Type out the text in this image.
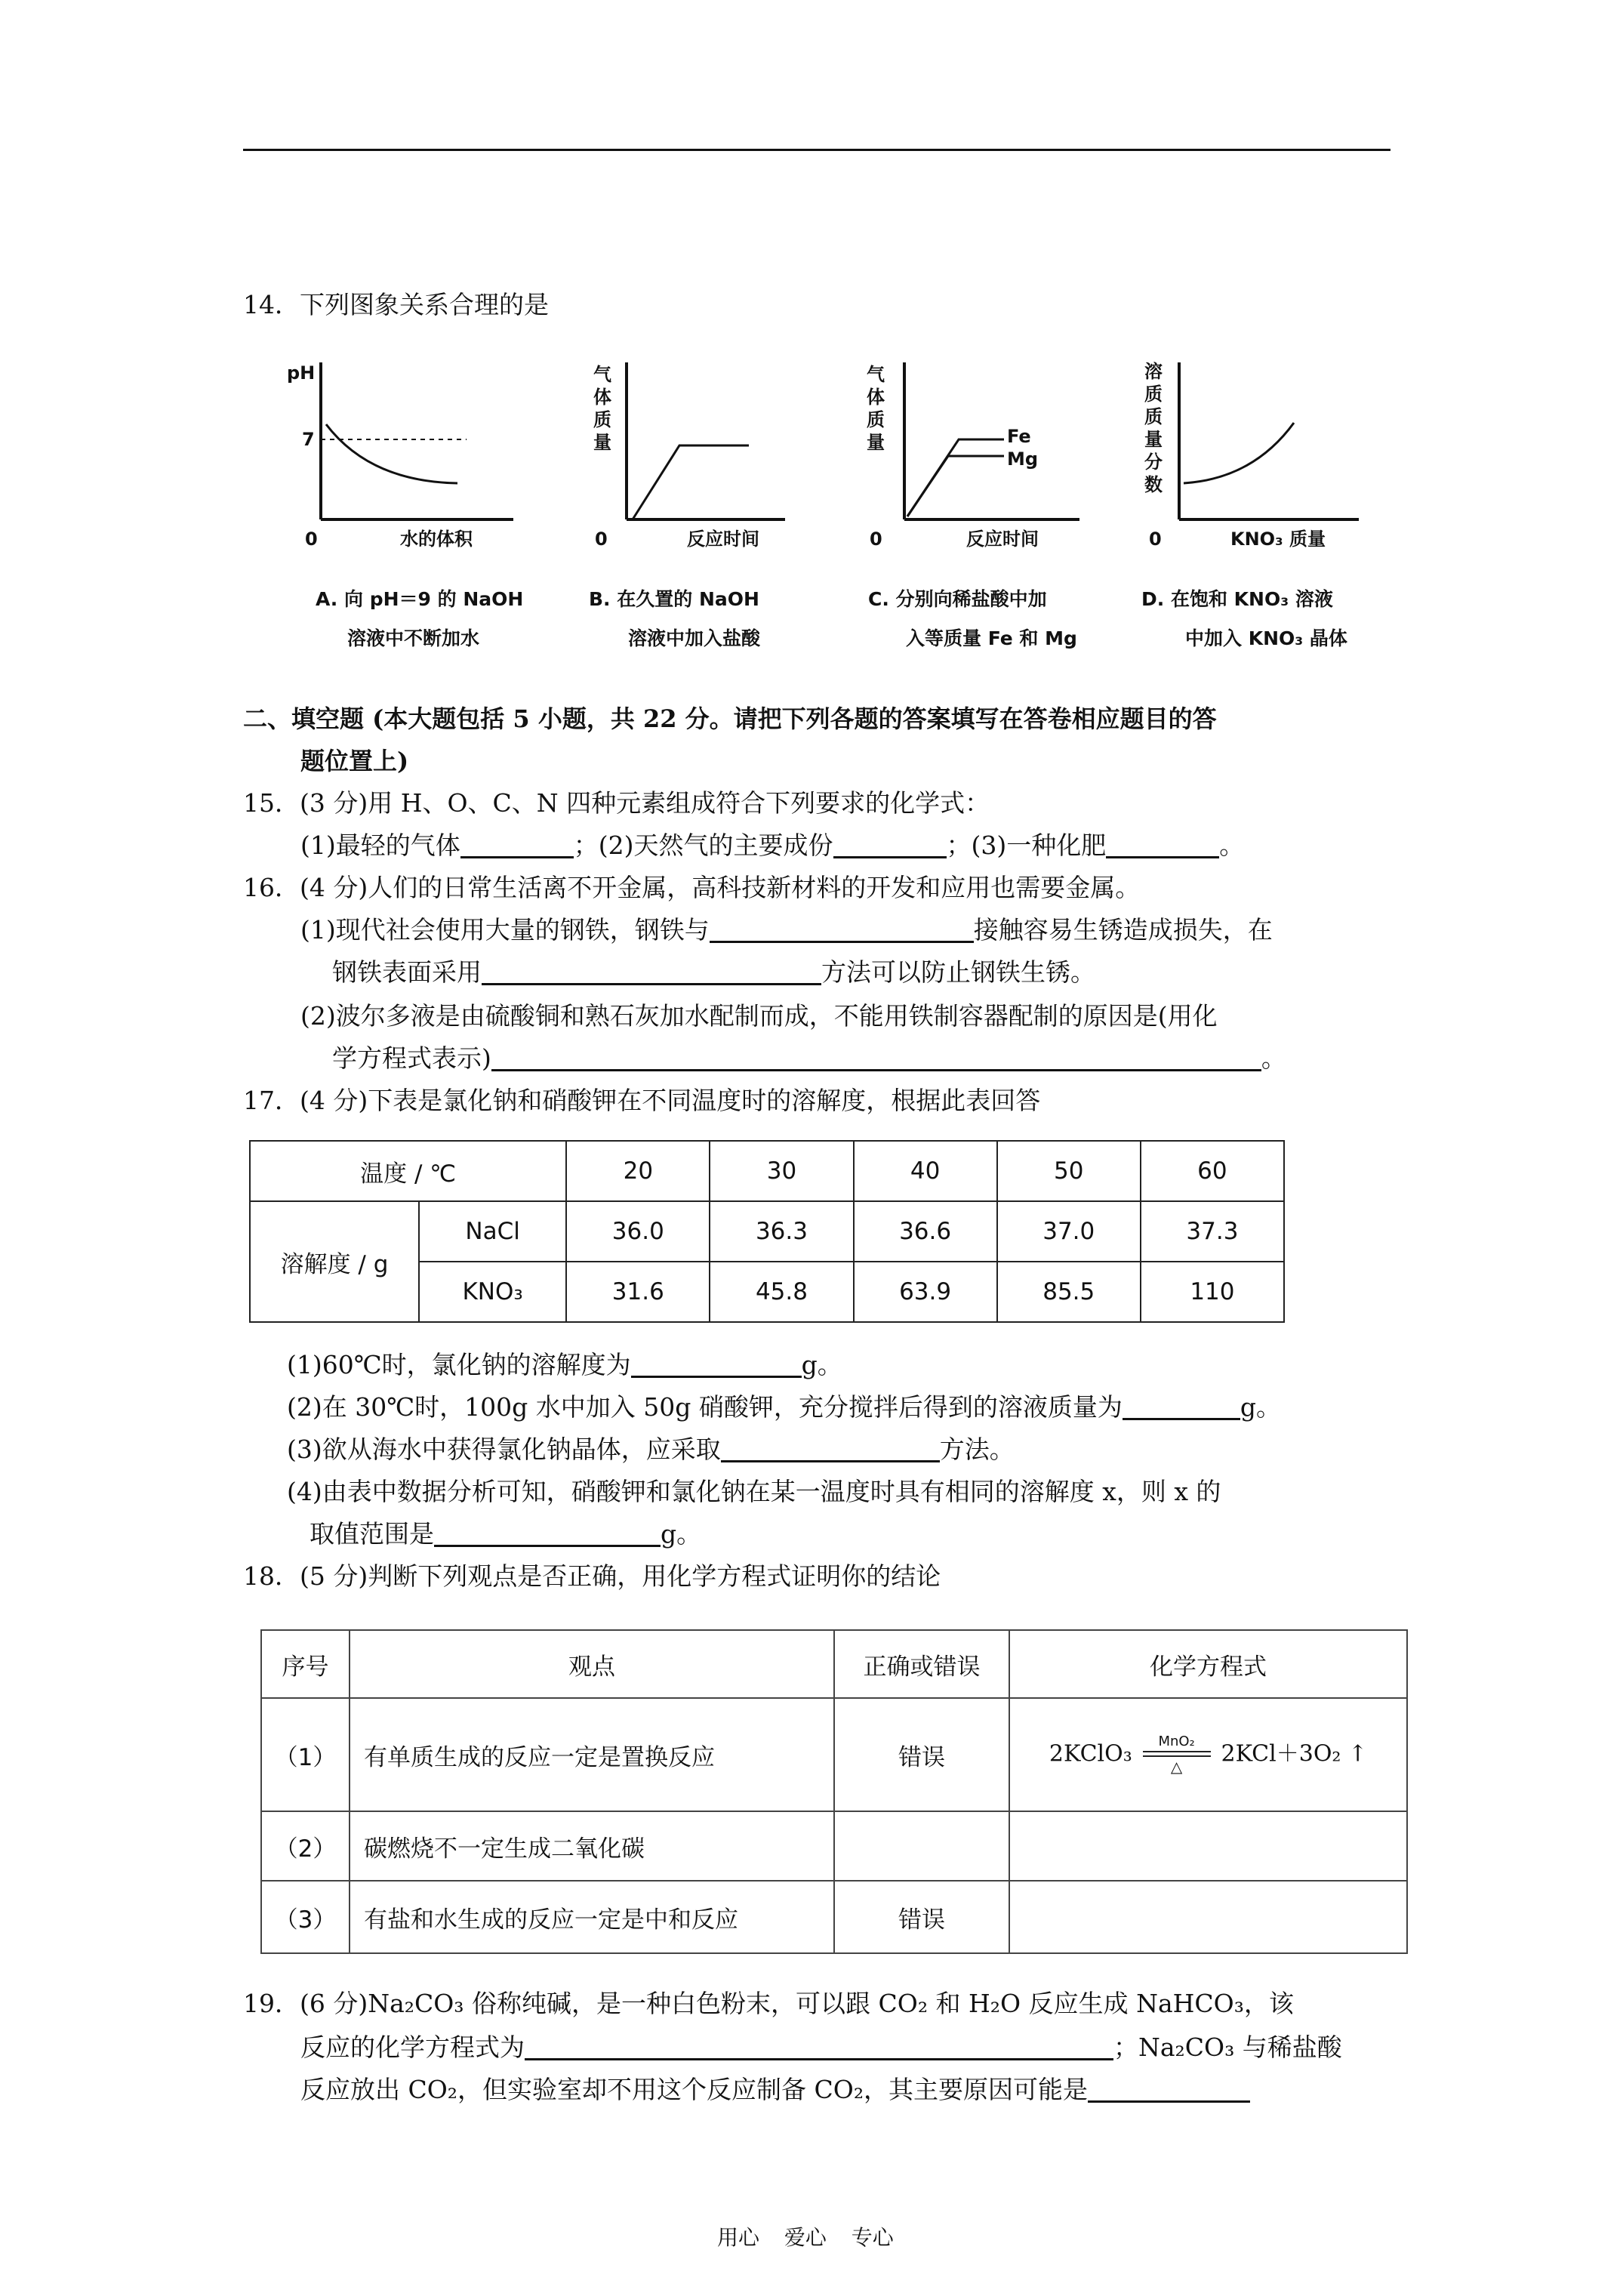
14．下列图象关系合理的是
pH
7
0	水的体积
A. 向 pH＝9 的 NaOH
溶液中不断加水
气体质量
0	反应时间
B. 在久置的 NaOH
溶液中加入盐酸
Fe
Mg
气体质量
0	反应时间
C. 分别向稀盐酸中加
入等质量 Fe 和 Mg
溶质质量分数
0	KNO₃ 质量
D. 在饱和 KNO₃ 溶液
中加入 KNO₃ 晶体
二、填空题 (本大题包括 5 小题，共 22 分。请把下列各题的答案填写在答卷相应题目的答
题位置上)
15．(3 分)用 H、O、C、N 四种元素组成符合下列要求的化学式：
(1)最轻的气体	；(2)天然气的主要成份	；(3)一种化肥	。
16．(4 分)人们的日常生活离不开金属，高科技新材料的开发和应用也需要金属。
(1)现代社会使用大量的钢铁，钢铁与	接触容易生锈造成损失，在
钢铁表面采用	方法可以防止钢铁生锈。
(2)波尔多液是由硫酸铜和熟石灰加水配制而成，不能用铁制容器配制的原因是(用化
学方程式表示)	。
17．(4 分)下表是氯化钠和硝酸钾在不同温度时的溶解度，根据此表回答
温度 / ℃		20	30	40	50	60
溶解度 / g	NaCl	36.0	36.3	36.6	37.0	37.3
	KNO₃	31.6	45.8	63.9	85.5	110
(1)60℃时，氯化钠的溶解度为	g。
(2)在 30℃时，100g 水中加入 50g 硝酸钾，充分搅拌后得到的溶液质量为	g。
(3)欲从海水中获得氯化钠晶体，应采取	方法。
(4)由表中数据分析可知，硝酸钾和氯化钠在某一温度时具有相同的溶解度 x，则 x 的
取值范围是	g。
18．(5 分)判断下列观点是否正确，用化学方程式证明你的结论
序号	观点	正确或错误	化学方程式
（1）	有单质生成的反应一定是置换反应	错误	2KClO₃ MnO₂
△ 2KCl＋3O₂ ↑
（2）	碳燃烧不一定生成二氧化碳		
（3）	有盐和水生成的反应一定是中和反应	错误	
19．(6 分)Na₂CO₃ 俗称纯碱，是一种白色粉末，可以跟 CO₂ 和 H₂O 反应生成 NaHCO₃，该
反应的化学方程式为	；Na₂CO₃ 与稀盐酸
反应放出 CO₂，但实验室却不用这个反应制备 CO₂，其主要原因可能是
用心 爱心 专心
